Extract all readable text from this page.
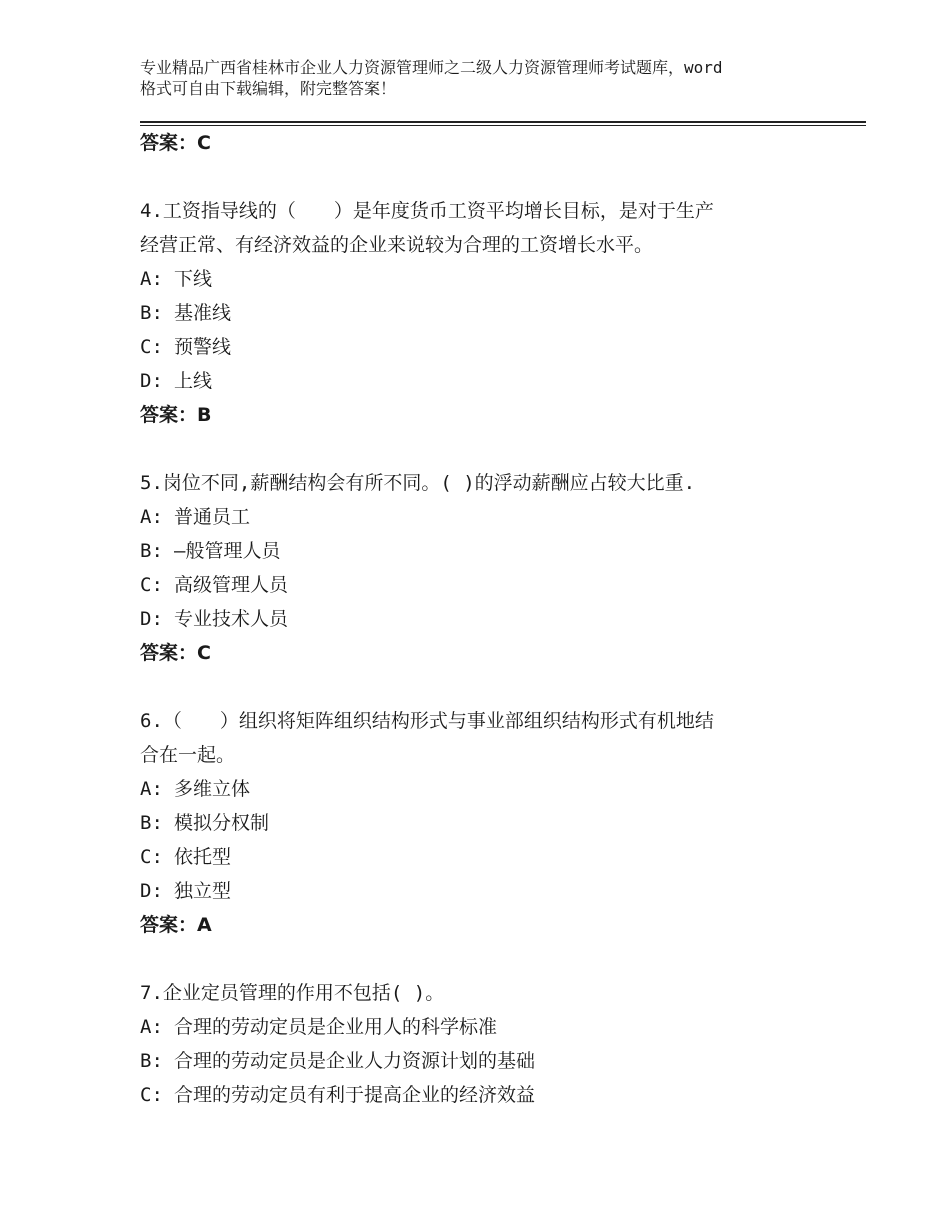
专业精品广西省桂林市企业人力资源管理师之二级人力资源管理师考试题库，word
格式可自由下载编辑，附完整答案！
答案：C
4.工资指导线的（　　）是年度货币工资平均增长目标，是对于生产
经营正常、有经济效益的企业来说较为合理的工资增长水平。
A: 下线
B: 基准线
C: 预警线
D: 上线
答案：B
5.岗位不同,薪酬结构会有所不同。( )的浮动薪酬应占较大比重.
A: 普通员工
B: —般管理人员
C: 高级管理人员
D: 专业技术人员
答案：C
6.（　　）组织将矩阵组织结构形式与事业部组织结构形式有机地结
合在一起。
A: 多维立体
B: 模拟分权制
C: 依托型
D: 独立型
答案：A
7.企业定员管理的作用不包括( )。
A: 合理的劳动定员是企业用人的科学标准
B: 合理的劳动定员是企业人力资源计划的基础
C: 合理的劳动定员有利于提高企业的经济效益
